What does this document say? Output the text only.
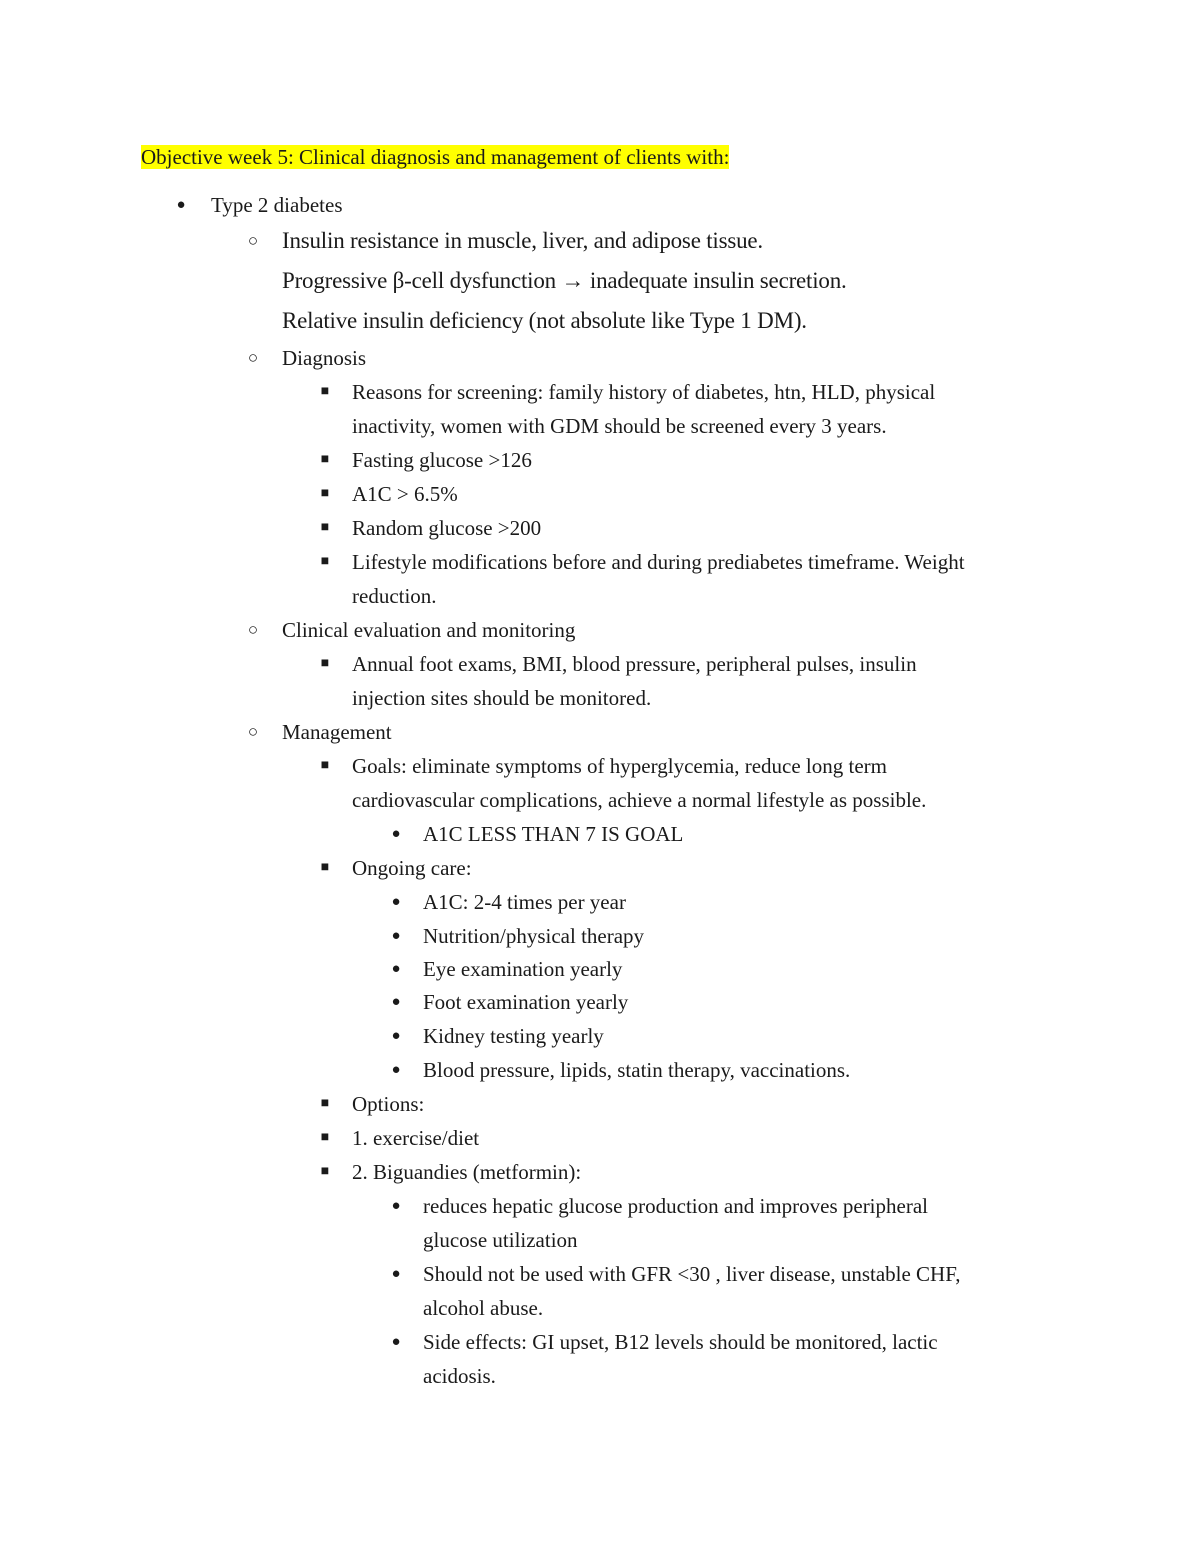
Objective week 5: Clinical diagnosis and management of clients with:
● Type 2 diabetes
○ Insulin resistance in muscle, liver, and adipose tissue.
Progressive β-cell dysfunction → inadequate insulin secretion.
Relative insulin deficiency (not absolute like Type 1 DM).
○ Diagnosis
■ Reasons for screening: family history of diabetes, htn, HLD, physical
inactivity, women with GDM should be screened every 3 years.
■ Fasting glucose >126
■ A1C > 6.5%
■ Random glucose >200
■ Lifestyle modifications before and during prediabetes timeframe. Weight
reduction.
○ Clinical evaluation and monitoring
■ Annual foot exams, BMI, blood pressure, peripheral pulses, insulin
injection sites should be monitored.
○ Management
■ Goals: eliminate symptoms of hyperglycemia, reduce long term
cardiovascular complications, achieve a normal lifestyle as possible.
● A1C LESS THAN 7 IS GOAL
■ Ongoing care:
● A1C: 2-4 times per year
● Nutrition/physical therapy
● Eye examination yearly
● Foot examination yearly
● Kidney testing yearly
● Blood pressure, lipids, statin therapy, vaccinations.
■ Options:
■ 1. exercise/diet
■ 2. Biguandies (metformin):
● reduces hepatic glucose production and improves peripheral
glucose utilization
● Should not be used with GFR <30 , liver disease, unstable CHF,
alcohol abuse.
● Side effects: GI upset, B12 levels should be monitored, lactic
acidosis.
